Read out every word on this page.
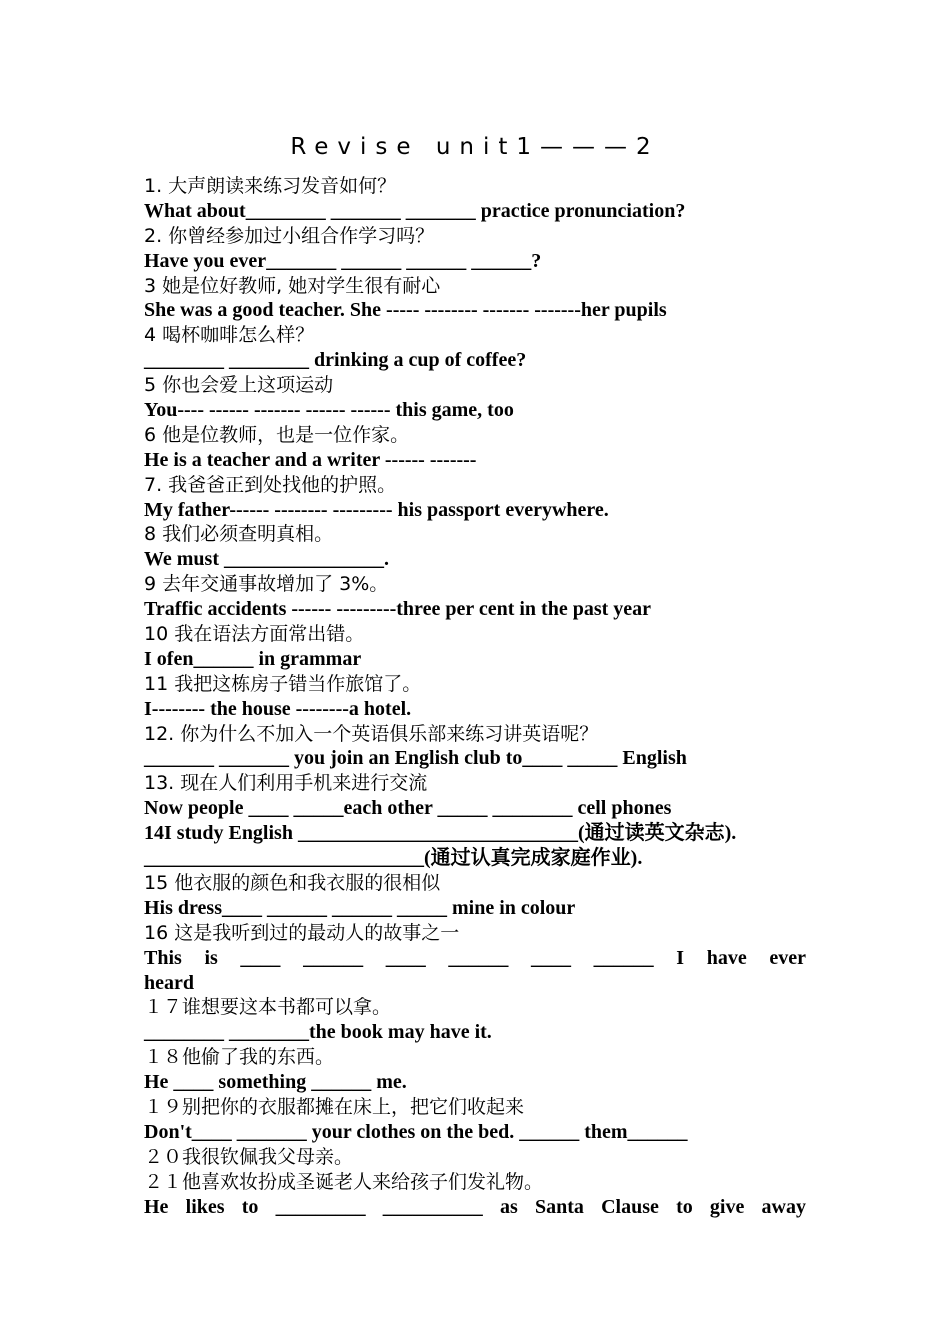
Revise unit1———2
1. 大声朗读来练习发音如何？
What about________ _______ _______ practice pronunciation?
2. 你曾经参加过小组合作学习吗？
Have you ever_______ ______ ______ ______?
3 她是位好教师, 她对学生很有耐心
She was a good teacher. She ----- -------- ------- -------her pupils
4 喝杯咖啡怎么样？
________ ________ drinking a cup of coffee?
5 你也会爱上这项运动
You---- ------ ------- ------ ------ this game, too
6 他是位教师，也是一位作家。
He is a teacher and a writer ------ -------
7. 我爸爸正到处找他的护照。
My father------ -------- --------- his passport everywhere.
8 我们必须查明真相。
We must ________________.
9 去年交通事故增加了 3%。
Traffic accidents ------ ---------three per cent in the past year
10 我在语法方面常出错。
I ofen______ in grammar
11 我把这栋房子错当作旅馆了。
I-------- the house --------a hotel.
12. 你为什么不加入一个英语俱乐部来练习讲英语呢？
_______ _______ you join an English club to____ _____ English
13. 现在人们利用手机来进行交流
Now people ____ _____each other _____ ________ cell phones
14I study English ____________________________(通过读英文杂志).
____________________________(通过认真完成家庭作业).
15 他衣服的颜色和我衣服的很相似
His dress____ ______ ______ _____ mine in colour
16 这是我听到过的最动人的故事之一
This is ____ ______ ____ ______ ____ ______ I have ever
heard
１７谁想要这本书都可以拿。
________ ________the book may have it.
１８他偷了我的东西。
He ____ something ______ me.
１９别把你的衣服都摊在床上，把它们收起来
Don't____ _______ your clothes on the bed. ______ them______
２０我很钦佩我父母亲。
２１他喜欢妆扮成圣诞老人来给孩子们发礼物。
He likes to _________ __________ as Santa Clause to give away
